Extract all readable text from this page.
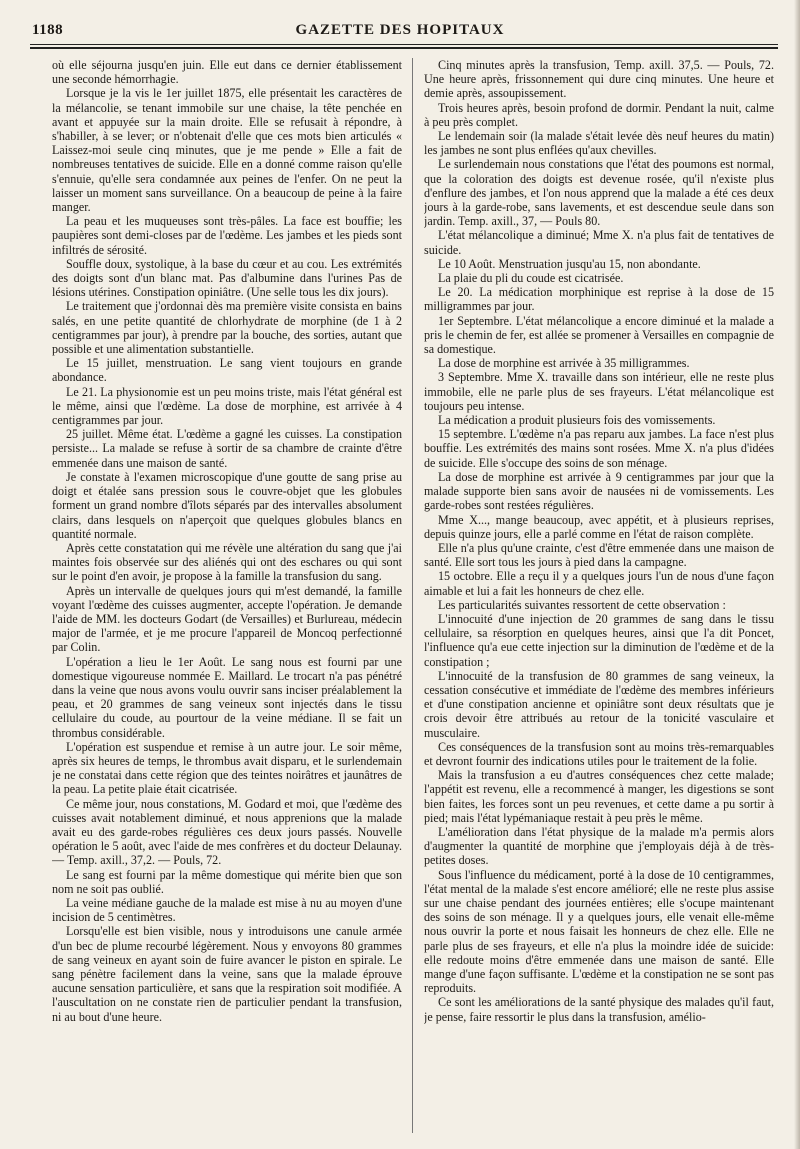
1188	GAZETTE DES HOPITAUX

où elle séjourna jusqu'en juin. Elle eut dans ce dernier établissement une seconde hémorrhagie.

Lorsque je la vis le 1er juillet 1875, elle présentait les caractères de la mélancolie, se tenant immobile sur une chaise, la tête penchée en avant et appuyée sur la main droite. Elle se refusait à répondre, à s'habiller, à se lever; or n'obtenait d'elle que ces mots bien articulés « Laissez-moi seule cinq minutes, que je me pende » Elle a fait de nombreuses tentatives de suicide. Elle en a donné comme raison qu'elle s'ennuie, qu'elle sera condamnée aux peines de l'enfer. On ne peut la laisser un moment sans surveillance. On a beaucoup de peine à la faire manger.

La peau et les muqueuses sont très-pâles. La face est bouffie; les paupières sont demi-closes par de l'œdème. Les jambes et les pieds sont infiltrés de sérosité.

Souffle doux, systolique, à la base du cœur et au cou. Les extrémités des doigts sont d'un blanc mat. Pas d'albumine dans l'urines Pas de lésions utérines. Constipation opiniâtre. (Une selle tous les dix jours).

Le traitement que j'ordonnai dès ma première visite consista en bains salés, en une petite quantité de chlorhydrate de morphine (de 1 à 2 centigrammes par jour), à prendre par la bouche, des sorties, autant que possible et une alimentation substantielle.

Le 15 juillet, menstruation. Le sang vient toujours en grande abondance.

Le 21. La physionomie est un peu moins triste, mais l'état général est le même, ainsi que l'œdème. La dose de morphine, est arrivée à 4 centigrammes par jour.

25 juillet. Même état. L'œdème a gagné les cuisses. La constipation persiste... La malade se refuse à sortir de sa chambre de crainte d'être emmenée dans une maison de santé.

Je constate à l'examen microscopique d'une goutte de sang prise au doigt et étalée sans pression sous le couvre-objet que les globules forment un grand nombre d'îlots séparés par des intervalles absolument clairs, dans lesquels on n'aperçoit que quelques globules blancs en quantité normale.

Après cette constatation qui me révèle une altération du sang que j'ai maintes fois observée sur des aliénés qui ont des eschares ou qui sont sur le point d'en avoir, je propose à la famille la transfusion du sang.

Après un intervalle de quelques jours qui m'est demandé, la famille voyant l'œdème des cuisses augmenter, accepte l'opération. Je demande l'aide de MM. les docteurs Godart (de Versailles) et Burlureau, médecin major de l'armée, et je me procure l'appareil de Moncoq perfectionné par Colin.

L'opération a lieu le 1er Août. Le sang nous est fourni par une domestique vigoureuse nommée E. Maillard. Le trocart n'a pas pénétré dans la veine que nous avons voulu ouvrir sans inciser préalablement la peau, et 20 grammes de sang veineux sont injectés dans le tissu cellulaire du coude, au pourtour de la veine médiane. Il se fait un thrombus considérable.

L'opération est suspendue et remise à un autre jour. Le soir même, après six heures de temps, le thrombus avait disparu, et le surlendemain je ne constatai dans cette région que des teintes noirâtres et jaunâtres de la peau. La petite plaie était cicatrisée.

Ce même jour, nous constations, M. Godard et moi, que l'œdème des cuisses avait notablement diminué, et nous apprenions que la malade avait eu des garde-robes régulières ces deux jours passés. Nouvelle opération le 5 août, avec l'aide de mes confrères et du docteur Delaunay. — Temp. axill., 37,2. — Pouls, 72.

Le sang est fourni par la même domestique qui mérite bien que son nom ne soit pas oublié.

La veine médiane gauche de la malade est mise à nu au moyen d'une incision de 5 centimètres.

Lorsqu'elle est bien visible, nous y introduisons une canule armée d'un bec de plume recourbé légèrement. Nous y envoyons 80 grammes de sang veineux en ayant soin de fuire avancer le piston en spirale. Le sang pénètre facilement dans la veine, sans que la malade éprouve aucune sensation particulière, et sans que la respiration soit modifiée. A l'auscultation on ne constate rien de particulier pendant la transfusion, ni au bout d'une heure.

Cinq minutes après la transfusion, Temp. axill. 37,5. — Pouls, 72. Une heure après, frissonnement qui dure cinq minutes. Une heure et demie après, assoupissement.

Trois heures après, besoin profond de dormir. Pendant la nuit, calme à peu près complet.

Le lendemain soir (la malade s'était levée dès neuf heures du matin) les jambes ne sont plus enflées qu'aux chevilles.

Le surlendemain nous constations que l'état des poumons est normal, que la coloration des doigts est devenue rosée, qu'il n'existe plus d'enflure des jambes, et l'on nous apprend que la malade a été ces deux jours à la garde-robe, sans lavements, et est descendue seule dans son jardin. Temp. axill., 37, — Pouls 80.

L'état mélancolique a diminué; Mme X. n'a plus fait de tentatives de suicide.

Le 10 Août. Menstruation jusqu'au 15, non abondante.

La plaie du pli du coude est cicatrisée.

Le 20. La médication morphinique est reprise à la dose de 15 milligrammes par jour.

1er Septembre. L'état mélancolique a encore diminué et la malade a pris le chemin de fer, est allée se promener à Versailles en compagnie de sa domestique.

La dose de morphine est arrivée à 35 milligrammes.

3 Septembre. Mme X. travaille dans son intérieur, elle ne reste plus immobile, elle ne parle plus de ses frayeurs. L'état mélancolique est toujours peu intense.

La médication a produit plusieurs fois des vomissements.

15 septembre. L'œdème n'a pas reparu aux jambes. La face n'est plus bouffie. Les extrémités des mains sont rosées. Mme X. n'a plus d'idées de suicide. Elle s'occupe des soins de son ménage.

La dose de morphine est arrivée à 9 centigrammes par jour que la malade supporte bien sans avoir de nausées ni de vomissements. Les garde-robes sont restées régulières.

Mme X..., mange beaucoup, avec appétit, et à plusieurs reprises, depuis quinze jours, elle a parlé comme en l'état de raison complète.

Elle n'a plus qu'une crainte, c'est d'être emmenée dans une maison de santé. Elle sort tous les jours à pied dans la campagne.

15 octobre. Elle a reçu il y a quelques jours l'un de nous d'une façon aimable et lui a fait les honneurs de chez elle.

Les particularités suivantes ressortent de cette observation :

L'innocuité d'une injection de 20 grammes de sang dans le tissu cellulaire, sa résorption en quelques heures, ainsi que l'a dit Poncet, l'influence qu'a eue cette injection sur la diminution de l'œdème et de la constipation ;

L'innocuité de la transfusion de 80 grammes de sang veineux, la cessation consécutive et immédiate de l'œdème des membres inférieurs et d'une constipation ancienne et opiniâtre sont deux résultats que je crois devoir être attribués au retour de la tonicité vasculaire et musculaire.

Ces conséquences de la transfusion sont au moins très-remarquables et devront fournir des indications utiles pour le traitement de la folie.

Mais la transfusion a eu d'autres conséquences chez cette malade; l'appétit est revenu, elle a recommencé à manger, les digestions se sont bien faites, les forces sont un peu revenues, et cette dame a pu sortir à pied; mais l'état lypémaniaque restait à peu près le même.

L'amélioration dans l'état physique de la malade m'a permis alors d'augmenter la quantité de morphine que j'employais déjà à de très-petites doses.

Sous l'influence du médicament, porté à la dose de 10 centigrammes, l'état mental de la malade s'est encore amélioré; elle ne reste plus assise sur une chaise pendant des journées entières; elle s'ocupe maintenant des soins de son ménage. Il y a quelques jours, elle venait elle-même nous ouvrir la porte et nous faisait les honneurs de chez elle. Elle ne parle plus de ses frayeurs, et elle n'a plus la moindre idée de suicide: elle redoute moins d'être emmenée dans une maison de santé. Elle mange d'une façon suffisante. L'œdème et la constipation ne se sont pas reproduits.

Ce sont les améliorations de la santé physique des malades qu'il faut, je pense, faire ressortir le plus dans la transfusion, amélio-
